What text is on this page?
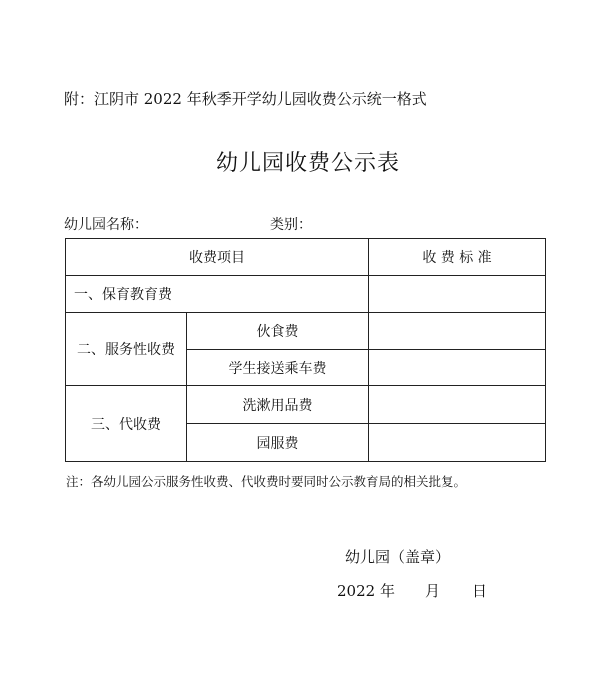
附：江阴市 2022 年秋季开学幼儿园收费公示统一格式
幼儿园收费公示表
幼儿园名称：	类别：
收费项目		收 费 标 准
一、保育教育费		
二、服务性收费	伙食费	
	学生接送乘车费	
三、代收费	洗漱用品费	
	园服费	
注：各幼儿园公示服务性收费、代收费时要同时公示教育局的相关批复。
幼儿园（盖章）
2022 年 月 日
